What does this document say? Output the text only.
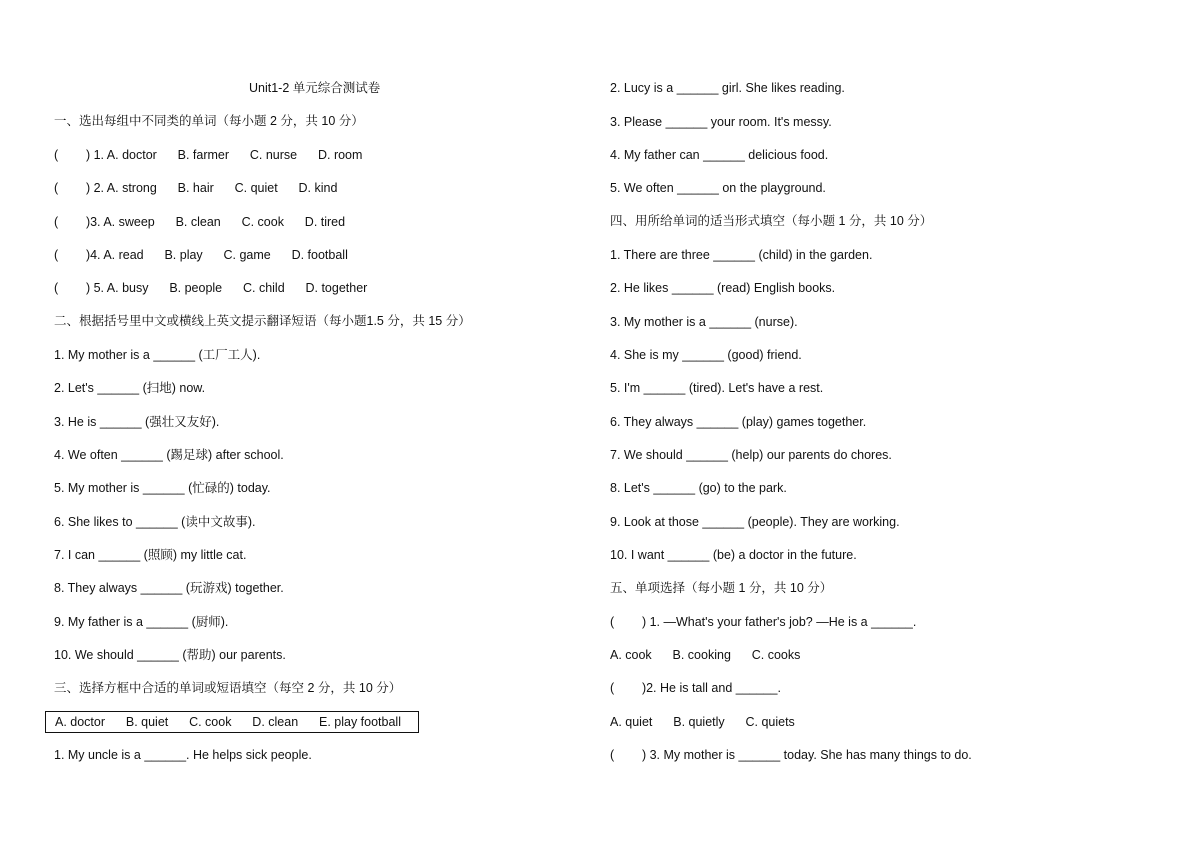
Unit1-2 单元综合测试卷
一、选出每组中不同类的单词（每小题 2 分，共 10 分）
(        ) 1. A. doctor      B. farmer      C. nurse      D. room
(        ) 2. A. strong      B. hair      C. quiet      D. kind
(        )3. A. sweep      B. clean      C. cook      D. tired
(        )4. A. read      B. play      C. game      D. football
(        ) 5. A. busy      B. people      C. child      D. together
二、根据括号里中文或横线上英文提示翻译短语（每小题1.5 分，共 15 分）
1. My mother is a ______ (工厂工人).
2. Let's ______ (扫地) now.
3. He is ______ (强壮又友好).
4. We often ______ (踢足球) after school.
5. My mother is ______ (忙碌的) today.
6. She likes to ______ (读中文故事).
7. I can ______ (照顾) my little cat.
8. They always ______ (玩游戏) together.
9. My father is a ______ (厨师).
10. We should ______ (帮助) our parents.
三、选择方框中合适的单词或短语填空（每空 2 分，共 10 分）
A. doctor      B. quiet      C. cook      D. clean      E. play football
1. My uncle is a ______. He helps sick people.
2. Lucy is a ______ girl. She likes reading.
3. Please ______ your room. It's messy.
4. My father can ______ delicious food.
5. We often ______ on the playground.
四、用所给单词的适当形式填空（每小题 1 分，共 10 分）
1. There are three ______ (child) in the garden.
2. He likes ______ (read) English books.
3. My mother is a ______ (nurse).
4. She is my ______ (good) friend.
5. I'm ______ (tired). Let's have a rest.
6. They always ______ (play) games together.
7. We should ______ (help) our parents do chores.
8. Let's ______ (go) to the park.
9. Look at those ______ (people). They are working.
10. I want ______ (be) a doctor in the future.
五、单项选择（每小题 1 分，共 10 分）
(        ) 1. —What's your father's job? —He is a ______.
A. cook      B. cooking      C. cooks
(        )2. He is tall and ______.
A. quiet      B. quietly      C. quiets
(        ) 3. My mother is ______ today. She has many things to do.
